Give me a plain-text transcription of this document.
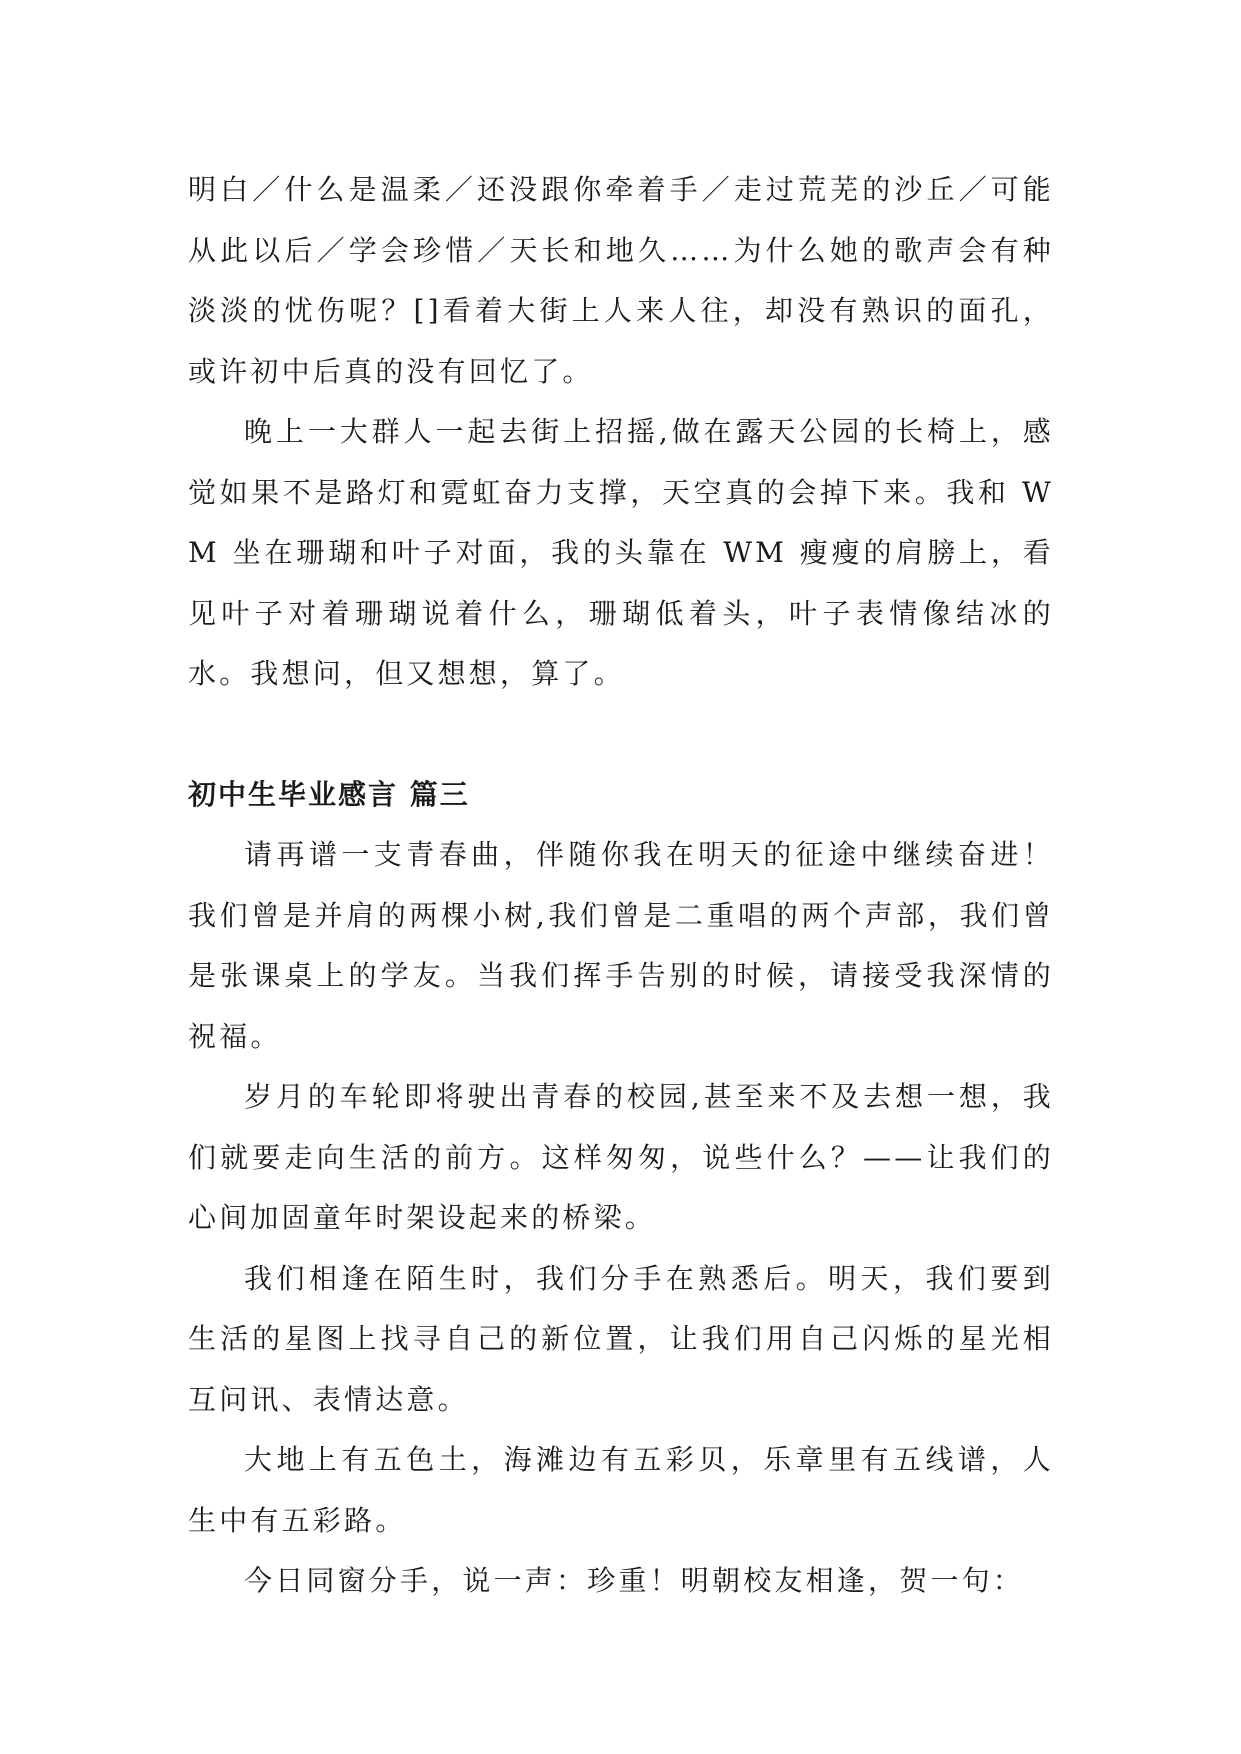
明白／什么是温柔／还没跟你牵着手／走过荒芜的沙丘／可能从此以后／学会珍惜／天长和地久……为什么她的歌声会有种淡淡的忧伤呢？[]看着大街上人来人往，却没有熟识的面孔，或许初中后真的没有回忆了。

晚上一大群人一起去街上招摇,做在露天公园的长椅上，感觉如果不是路灯和霓虹奋力支撑，天空真的会掉下来。我和 WM 坐在珊瑚和叶子对面，我的头靠在 WM 瘦瘦的肩膀上，看见叶子对着珊瑚说着什么，珊瑚低着头，叶子表情像结冰的水。我想问，但又想想，算了。

初中生毕业感言 篇三

请再谱一支青春曲，伴随你我在明天的征途中继续奋进！我们曾是并肩的两棵小树,我们曾是二重唱的两个声部，我们曾是张课桌上的学友。当我们挥手告别的时候，请接受我深情的祝福。

岁月的车轮即将驶出青春的校园,甚至来不及去想一想，我们就要走向生活的前方。这样匆匆，说些什么？——让我们的心间加固童年时架设起来的桥梁。

我们相逢在陌生时，我们分手在熟悉后。明天，我们要到生活的星图上找寻自己的新位置，让我们用自己闪烁的星光相互问讯、表情达意。

大地上有五色土，海滩边有五彩贝，乐章里有五线谱，人生中有五彩路。

今日同窗分手，说一声：珍重！明朝校友相逢，贺一句：
